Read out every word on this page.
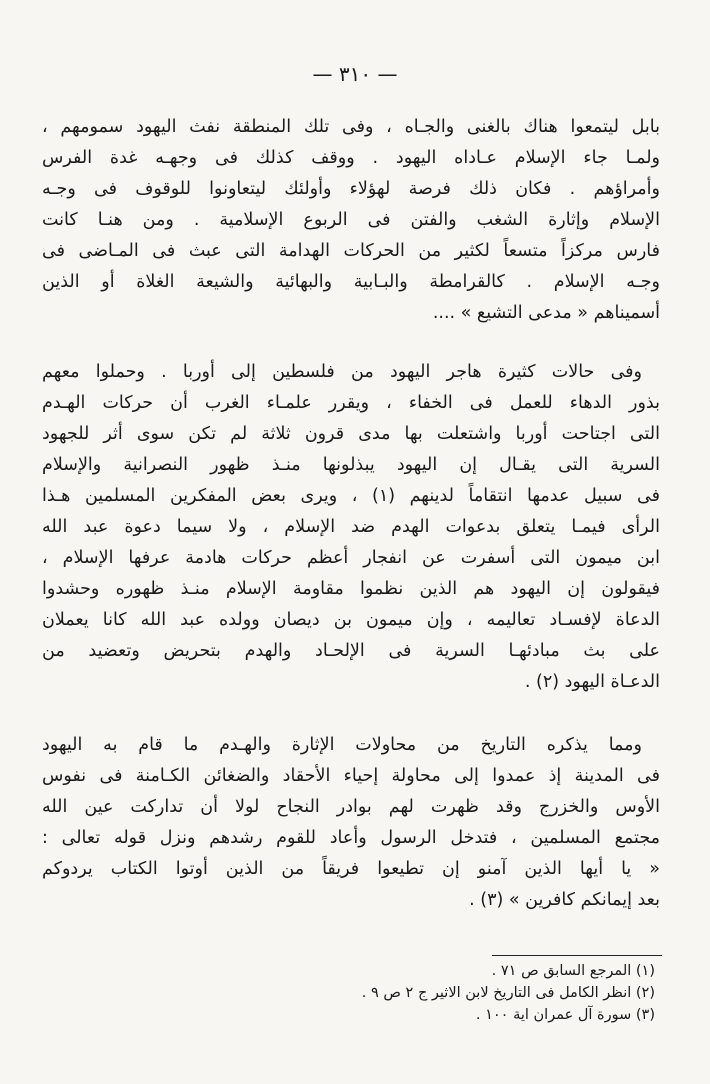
— ٣١٠ —
بابل ليتمعوا هناك بالغنى والجـاه ، وفى تلك المنطقة نفث اليهود سمومهم ،
ولمـا جاء الإسلام عـاداه اليهود . ووقف كذلك فى وجهـه غدة الفرس
وأمراؤهم . فكان ذلك فرصة لهؤلاء وأولئك ليتعاونوا للوقوف فى وجـه
الإسلام وإثارة الشغب والفتن فى الربوع الإسلامية . ومن هنـا كانت
فارس مركزاً متسعاً لكثير من الحركات الهدامة التى عبث فى المـاضى فى
وجـه الإسلام . كالقرامطة والبـابية والبهائية والشيعة الغلاة أو الذين
أسميناهم « مدعى التشيع » ....
وفى حالات كثيرة هاجر اليهود من فلسطين إلى أوربا . وحملوا معهم
بذور الدهاء للعمل فى الخفاء ، ويقرر علمـاء الغرب أن حركات الهـدم
التى اجتاحت أوربا واشتعلت بها مدى قرون ثلاثة لم تكن سوى أثر للجهود
السرية التى يقـال إن اليهود يبذلونها منـذ ظهور النصرانية والإسلام
فى سبيل عدمها انتقاماً لدينهم (١) ، ويرى بعض المفكرين المسلمين هـذا
الرأى فيمـا يتعلق بدعوات الهدم ضد الإسلام ، ولا سيما دعوة عبد الله
ابن ميمون التى أسفرت عن انفجار أعظم حركات هادمة عرفها الإسلام ،
فيقولون إن اليهود هم الذين نظموا مقاومة الإسلام منـذ ظهوره وحشدوا
الدعاة لإفسـاد تعاليمه ، وإن ميمون بن ديصان وولده عبد الله كانا يعملان
على بث مبادئهـا السرية فى الإلحـاد والهدم بتحريض وتعضيد من
الدعـاة اليهود (٢) .
ومما يذكره التاريخ من محاولات الإثارة والهـدم ما قام به اليهود
فى المدينة إذ عمدوا إلى محاولة إحياء الأحقاد والضغائن الكـامنة فى نفوس
الأوس والخزرج وقد ظهرت لهم بوادر النجاح لولا أن تداركت عين الله
مجتمع المسلمين ، فتدخل الرسول وأعاد للقوم رشدهم ونزل قوله تعالى :
« يا أيها الذين آمنو إن تطيعوا فريقاً من الذين أوتوا الكتاب يردوكم
بعد إيمانكم كافرين » (٣) .
(١) المرجع السابق ص ٧١ .
(٢) انظر الكامل فى التاريخ لابن الاثير ج ٢ ص ٩ .
(٣) سورة آل عمران اية ١٠٠ .
